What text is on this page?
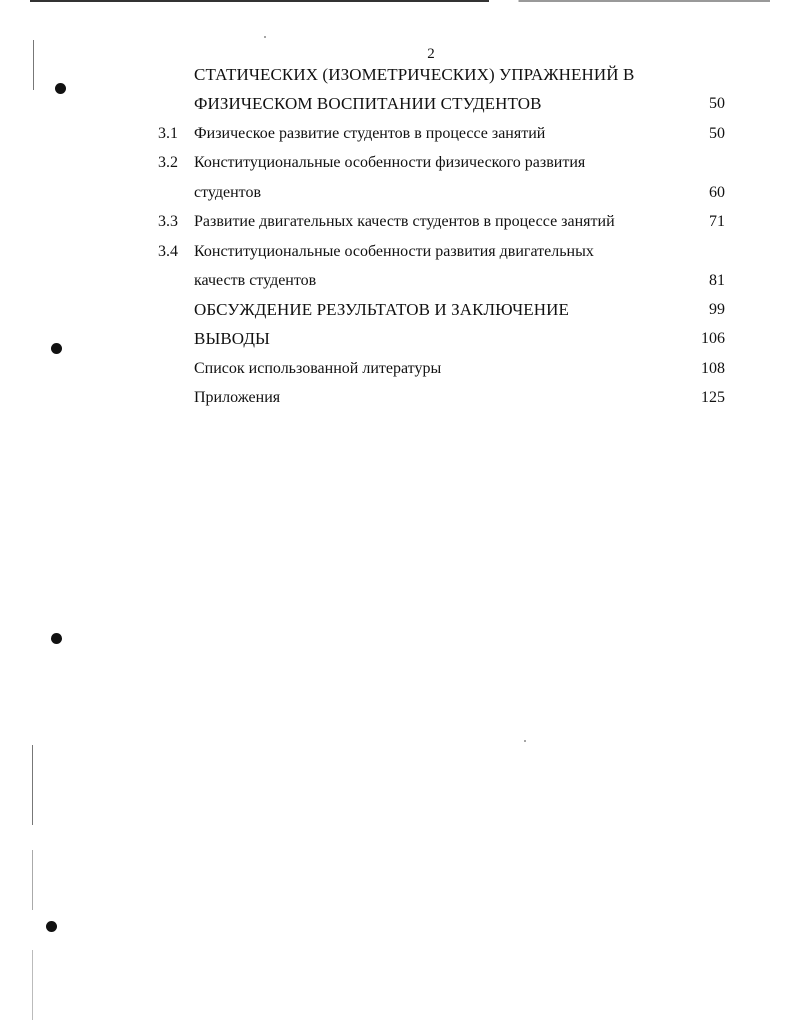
2
СТАТИЧЕСКИХ (ИЗОМЕТРИЧЕСКИХ) УПРАЖНЕНИЙ В
ФИЗИЧЕСКОМ ВОСПИТАНИИ СТУДЕНТОВ	50
3.1 Физическое развитие студентов в процессе занятий	50
3.2 Конституциональные особенности физического развития
студентов	60
3.3 Развитие двигательных качеств студентов в процессе занятий	71
3.4 Конституциональные особенности развития двигательных
качеств студентов	81
ОБСУЖДЕНИЕ РЕЗУЛЬТАТОВ И ЗАКЛЮЧЕНИЕ	99
ВЫВОДЫ	106
Список использованной литературы	108
Приложения	125
